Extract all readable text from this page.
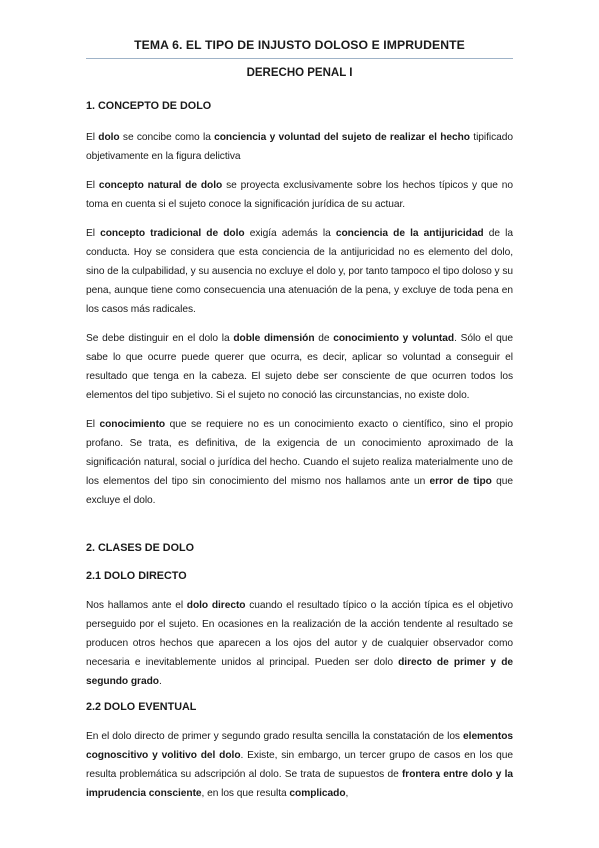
TEMA 6. EL TIPO DE INJUSTO DOLOSO E IMPRUDENTE
DERECHO PENAL I
1. CONCEPTO DE DOLO

El dolo se concibe como la conciencia y voluntad del sujeto de realizar el hecho tipificado objetivamente en la figura delictiva

El concepto natural de dolo se proyecta exclusivamente sobre los hechos típicos y que no toma en cuenta si el sujeto conoce la significación jurídica de su actuar.

El concepto tradicional de dolo exigía además la conciencia de la antijuricidad de la conducta. Hoy se considera que esta conciencia de la antijuricidad no es elemento del dolo, sino de la culpabilidad, y su ausencia no excluye el dolo y, por tanto tampoco el tipo doloso y su pena, aunque tiene como consecuencia una atenuación de la pena, y excluye de toda pena en los casos más radicales.

Se debe distinguir en el dolo la doble dimensión de conocimiento y voluntad. Sólo el que sabe lo que ocurre puede querer que ocurra, es decir, aplicar so voluntad a conseguir el resultado que tenga en la cabeza. El sujeto debe ser consciente de que ocurren todos los elementos del tipo subjetivo. Si el sujeto no conoció las circunstancias, no existe dolo.

El conocimiento que se requiere no es un conocimiento exacto o científico, sino el propio profano. Se trata, es definitiva, de la exigencia de un conocimiento aproximado de la significación natural, social o jurídica del hecho. Cuando el sujeto realiza materialmente uno de los elementos del tipo sin conocimiento del mismo nos hallamos ante un error de tipo que excluye el dolo.

2. CLASES DE DOLO
2.1 DOLO DIRECTO

Nos hallamos ante el dolo directo cuando el resultado típico o la acción típica es el objetivo perseguido por el sujeto. En ocasiones en la realización de la acción tendente al resultado se producen otros hechos que aparecen a los ojos del autor y de cualquier observador como necesaria e inevitablemente unidos al principal. Pueden ser dolo directo de primer y de segundo grado.

2.2 DOLO EVENTUAL

En el dolo directo de primer y segundo grado resulta sencilla la constatación de los elementos cognoscitivo y volitivo del dolo. Existe, sin embargo, un tercer grupo de casos en los que resulta problemática su adscripción al dolo. Se trata de supuestos de frontera entre dolo y la imprudencia consciente, en los que resulta complicado,
